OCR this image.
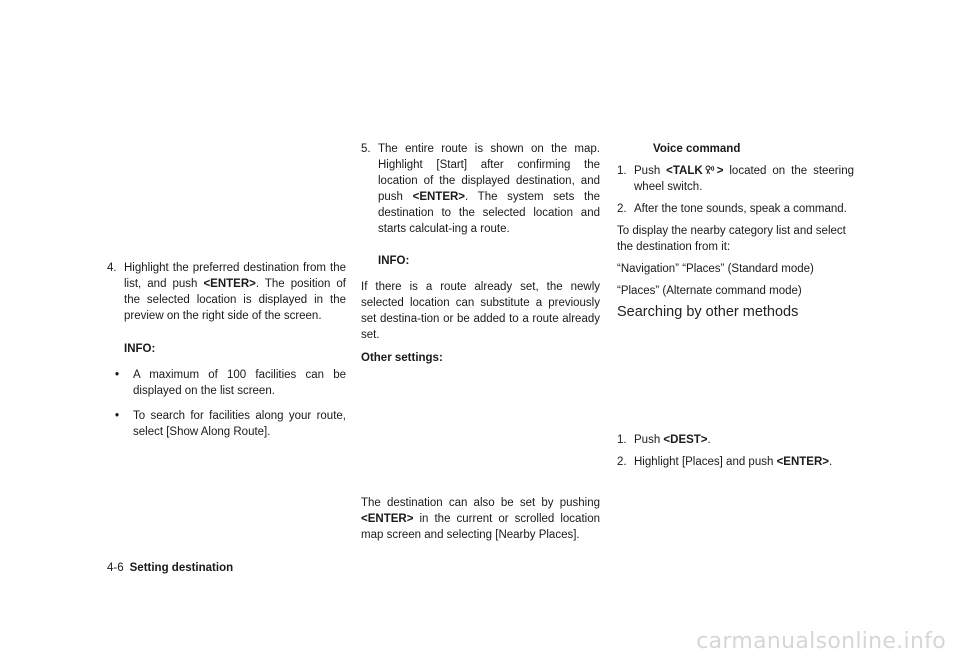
4. Highlight the preferred destination from the list, and push <ENTER>. The position of the selected location is displayed in the preview on the right side of the screen.

INFO:

• A maximum of 100 facilities can be displayed on the list screen.
• To search for facilities along your route, select [Show Along Route].
5. The entire route is shown on the map. Highlight [Start] after confirming the location of the displayed destination, and push <ENTER>. The system sets the destination to the selected location and starts calculat-ing a route.

INFO:

If there is a route already set, the newly selected location can substitute a previously set destina-tion or be added to a route already set.

Other settings:

The destination can also be set by pushing <ENTER> in the current or scrolled location map screen and selecting [Nearby Places].

Voice command

1. Push <TALK > located on the steering wheel switch.
2. After the tone sounds, speak a command.

To display the nearby category list and select the destination from it:

“Navigation” “Places” (Standard mode)

“Places” (Alternate command mode)

Searching by other methods

1. Push <DEST>.
2. Highlight [Places] and push <ENTER>.
4-6 Setting destination
carmanualsonline.info
